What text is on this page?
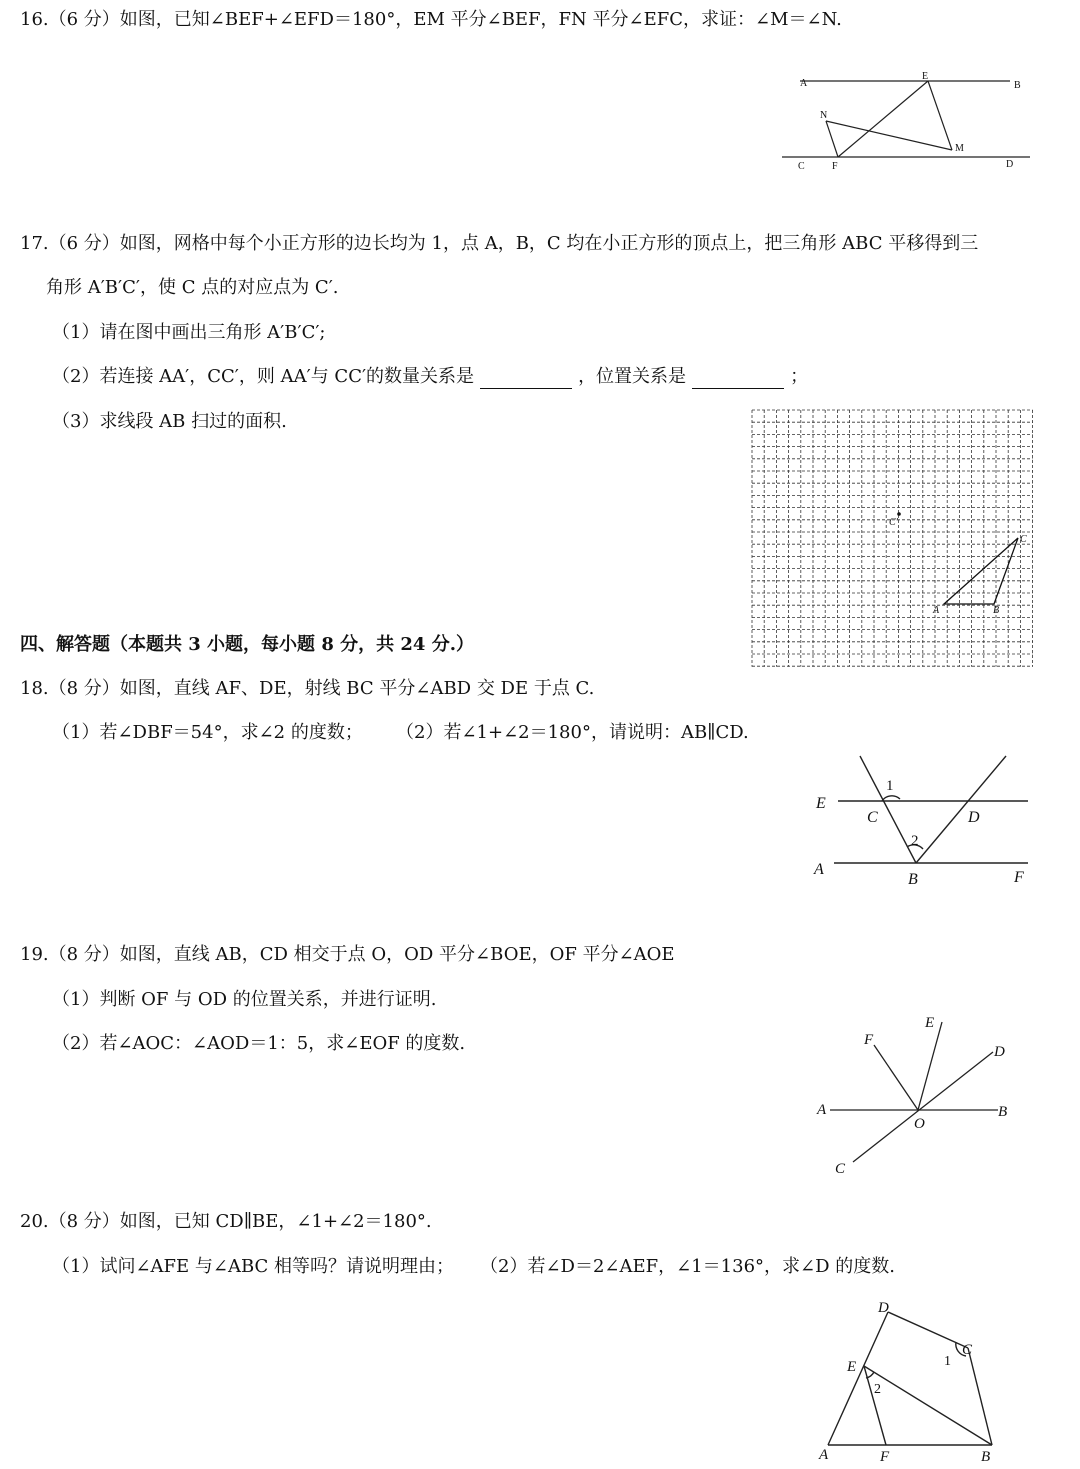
16.（6 分）如图，已知∠BEF+∠EFD＝180°，EM 平分∠BEF，FN 平分∠EFC，求证：∠M＝∠N.
A	B
E
N
M
C	F	D
17.（6 分）如图，网格中每个小正方形的边长均为 1，点 A，B，C 均在小正方形的顶点上，把三角形 ABC 平移得到三
角形 A′B′C′，使 C 点的对应点为 C′.
（1）请在图中画出三角形 A′B′C′;
（2）若连接 AA′，CC′，则 AA′与 CC′的数量关系是	，位置关系是	；
（3）求线段 AB 扫过的面积.
C′
C
A	B
四、解答题（本题共 3 小题，每小题 8 分，共 24 分.）
18.（8 分）如图，直线 AF、DE，射线 BC 平分∠ABD 交 DE 于点 C.
（1）若∠DBF＝54°，求∠2 的度数； （2）若∠1+∠2＝180°，请说明：AB∥CD.
E
C	D
A
B	F
1
2
19.（8 分）如图，直线 AB，CD 相交于点 O，OD 平分∠BOE，OF 平分∠AOE
（1）判断 OF 与 OD 的位置关系，并进行证明.
（2）若∠AOC：∠AOD＝1：5，求∠EOF 的度数.
E
F
D
A
O
B
C
20.（8 分）如图，已知 CD∥BE，∠1+∠2＝180°.
（1）试问∠AFE 与∠ABC 相等吗？请说明理由； （2）若∠D＝2∠AEF，∠1＝136°，求∠D 的度数.
D
C
E
A	F	B
1
2
